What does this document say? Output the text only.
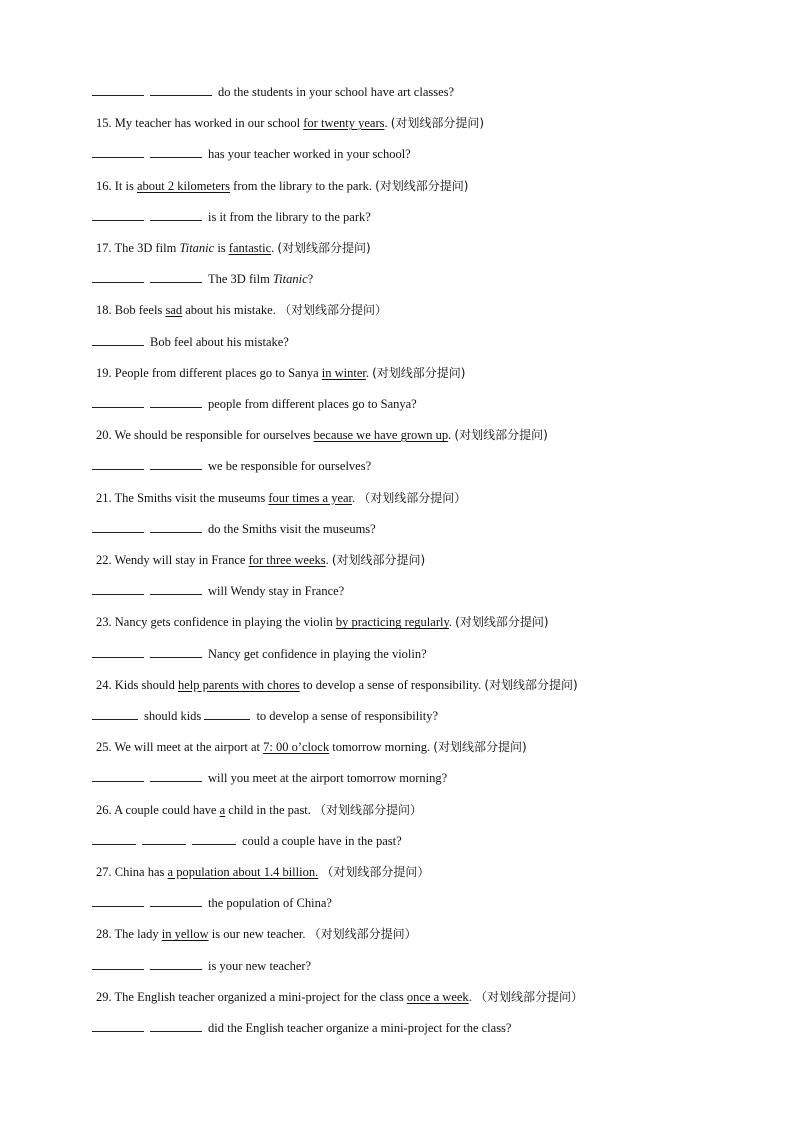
do the students in your school have art classes?
15. My teacher has worked in our school for twenty years. (对划线部分提问)
has your teacher worked in your school?
16. It is about 2 kilometers from the library to the park. (对划线部分提问)
is it from the library to the park?
17. The 3D film Titanic is fantastic. (对划线部分提问)
The 3D film Titanic?
18. Bob feels sad about his mistake. （对划线部分提问）
Bob feel about his mistake?
19. People from different places go to Sanya in winter. (对划线部分提问)
people from different places go to Sanya?
20. We should be responsible for ourselves because we have grown up. (对划线部分提问)
we be responsible for ourselves?
21. The Smiths visit the museums four times a year. （对划线部分提问）
do the Smiths visit the museums?
22. Wendy will stay in France for three weeks. (对划线部分提问)
will Wendy stay in France?
23. Nancy gets confidence in playing the violin by practicing regularly. (对划线部分提问)
Nancy get confidence in playing the violin?
24. Kids should help parents with chores to develop a sense of responsibility. (对划线部分提问)
should kids	to develop a sense of responsibility?
25. We will meet at the airport at 7: 00 o’clock tomorrow morning. (对划线部分提问)
will you meet at the airport tomorrow morning?
26. A couple could have a child in the past. （对划线部分提问）
could a couple have in the past?
27. China has a population about 1.4 billion. （对划线部分提问）
the population of China?
28. The lady in yellow is our new teacher. （对划线部分提问）
is your new teacher?
29. The English teacher organized a mini-project for the class once a week. （对划线部分提问）
did the English teacher organize a mini-project for the class?
